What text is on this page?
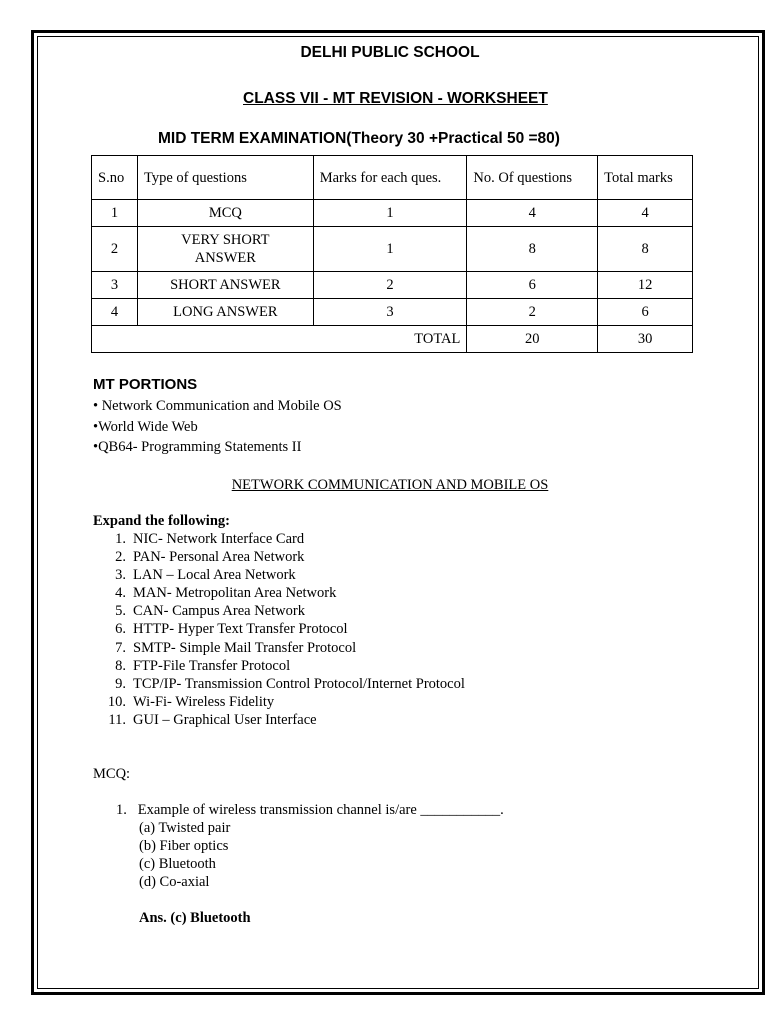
DELHI PUBLIC SCHOOL
CLASS VII - MT REVISION - WORKSHEET
MID TERM EXAMINATION(Theory 30 +Practical 50 =80)
S.no	Type of questions	Marks for each ques.	No. Of questions	Total marks
1	MCQ	1	4	4
2	VERY SHORT ANSWER	1	8	8
3	SHORT ANSWER	2	6	12
4	LONG ANSWER	3	2	6
TOTAL			20	30
MT PORTIONS
• Network Communication and Mobile OS
•World Wide Web
•QB64- Programming Statements II
NETWORK COMMUNICATION AND MOBILE OS
Expand the following:
1. NIC- Network Interface Card
2. PAN- Personal Area Network
3. LAN – Local Area Network
4. MAN- Metropolitan Area Network
5. CAN- Campus Area Network
6. HTTP- Hyper Text Transfer Protocol
7. SMTP- Simple Mail Transfer Protocol
8. FTP-File Transfer Protocol
9. TCP/IP- Transmission Control Protocol/Internet Protocol
10. Wi-Fi- Wireless Fidelity
11. GUI – Graphical User Interface
MCQ:
1. Example of wireless transmission channel is/are ___________.
(a) Twisted pair
(b) Fiber optics
(c) Bluetooth
(d) Co-axial
Ans. (c) Bluetooth
